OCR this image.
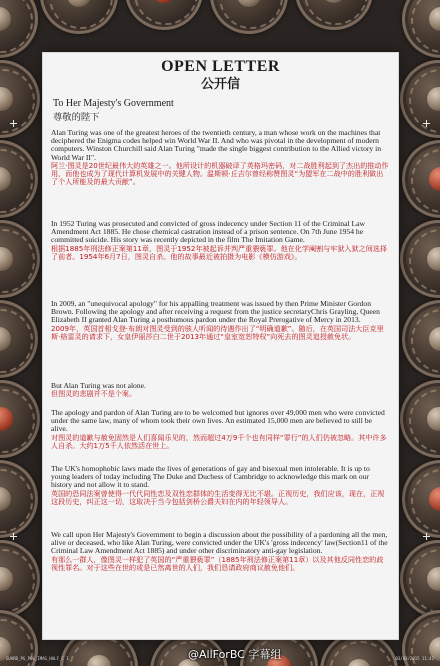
OPEN LETTER
公开信
To Her Majesty's Government
尊敬的陛下
Alan Turing was one of the greatest heroes of the twentieth century, a man whose work on the machines that deciphered the Enigma codes helped win World War II. And who was pivotal in the development of modern computers. Winston Churchill said Alan Turing "made the single biggest contribution to the Allied victory in World War II".
阿兰·图灵是20世纪最伟大的英雄之一。他所设计的机器破译了英格玛密码，对二战胜利起到了杰出的推动作用，而他也成为了现代计算机发展中的关键人物。温斯顿·丘吉尔曾经称赞图灵“为盟军在二战中的胜利做出了个人所能及的最大贡献”。
In 1952 Turing was prosecuted and convicted of gross indecency under Section 11 of the Criminal Law Amendment Act 1885. He chose chemical castration instead of a prison sentence. On 7th June 1954 he committed suicide. His story was recently depicted in the film The Imitation Game.
根据1885年刑法修正案第11章，图灵于1952年被起诉并判严重猥亵罪。他在化学阉割与牢狱入狱之间选择了前者。1954年6月7日，图灵自杀。他的故事最近被拍摄为电影《模仿游戏》。
In 2009, an "unequivocal apology" for his appalling treatment was issued by then Prime Minister Gordon Brown. Following the apology and after receiving a request from the justice secretaryChris Grayling, Queen Elizabeth II granted Alan Turing a posthumous pardon under the Royal Prerogative of Mercy in 2013.
2009年，英国首相戈登·布朗对图灵受到的骇人听闻的待遇作出了“明确道歉”。随后，在英国司法大臣克里斯·格雷灵的请求下，女皇伊丽莎白二世于2013年通过“皇室宽恕特权”向死去的图灵追授赦免状。
But Alan Turing was not alone.
但图灵的悲剧并不是个案。
The apology and pardon of Alan Turing are to be welcomed but ignores over 49,000 men who were convicted under the same law, many of whom took their own lives. An estimated 15,000 men are believed to still be alive.
对图灵的道歉与赦免固然是人们喜闻乐见的，然而超过4万9千个也有同样“罪行”的人们仍被忽略。其中许多人自杀。大约1万5千人依然活在世上。
The UK's homophobic laws made the lives of generations of gay and bisexual men intolerable. It is up to young leaders of today including The Duke and Duchess of Cambridge to acknowledge this mark on our history and not allow it to stand.
英国的恐同法案曾使得一代代同性恋及双性恋群体的生活变得无比不堪。正视历史，我们应该，现在，正视这段历史，纠正这一切，这取决于当今包括剑桥公爵夫妇在内的年轻领导人。
We call upon Her Majesty's Government to begin a discussion about the possibility of a pardoning all the men, alive or deceased, who like Alan Turing, were convicted under the UK's 'gross indecency' law(Section11 of the Criminal Law Amendment Act 1885) and under other discriminatory anti-gay legislation.
有那么一群人，像图灵一样犯了英国的“严重猥亵罪”（1885年刑法修正案第11章）以及其他反同性恋的歧视性罪名。对于这些在世的或是已然离世的人们，我们恳请政府商议赦免他们。
GUARD_PG_POL_IMAG_HALF_C 1	03/03/2015 11:42
@AllForBC 字幕组
